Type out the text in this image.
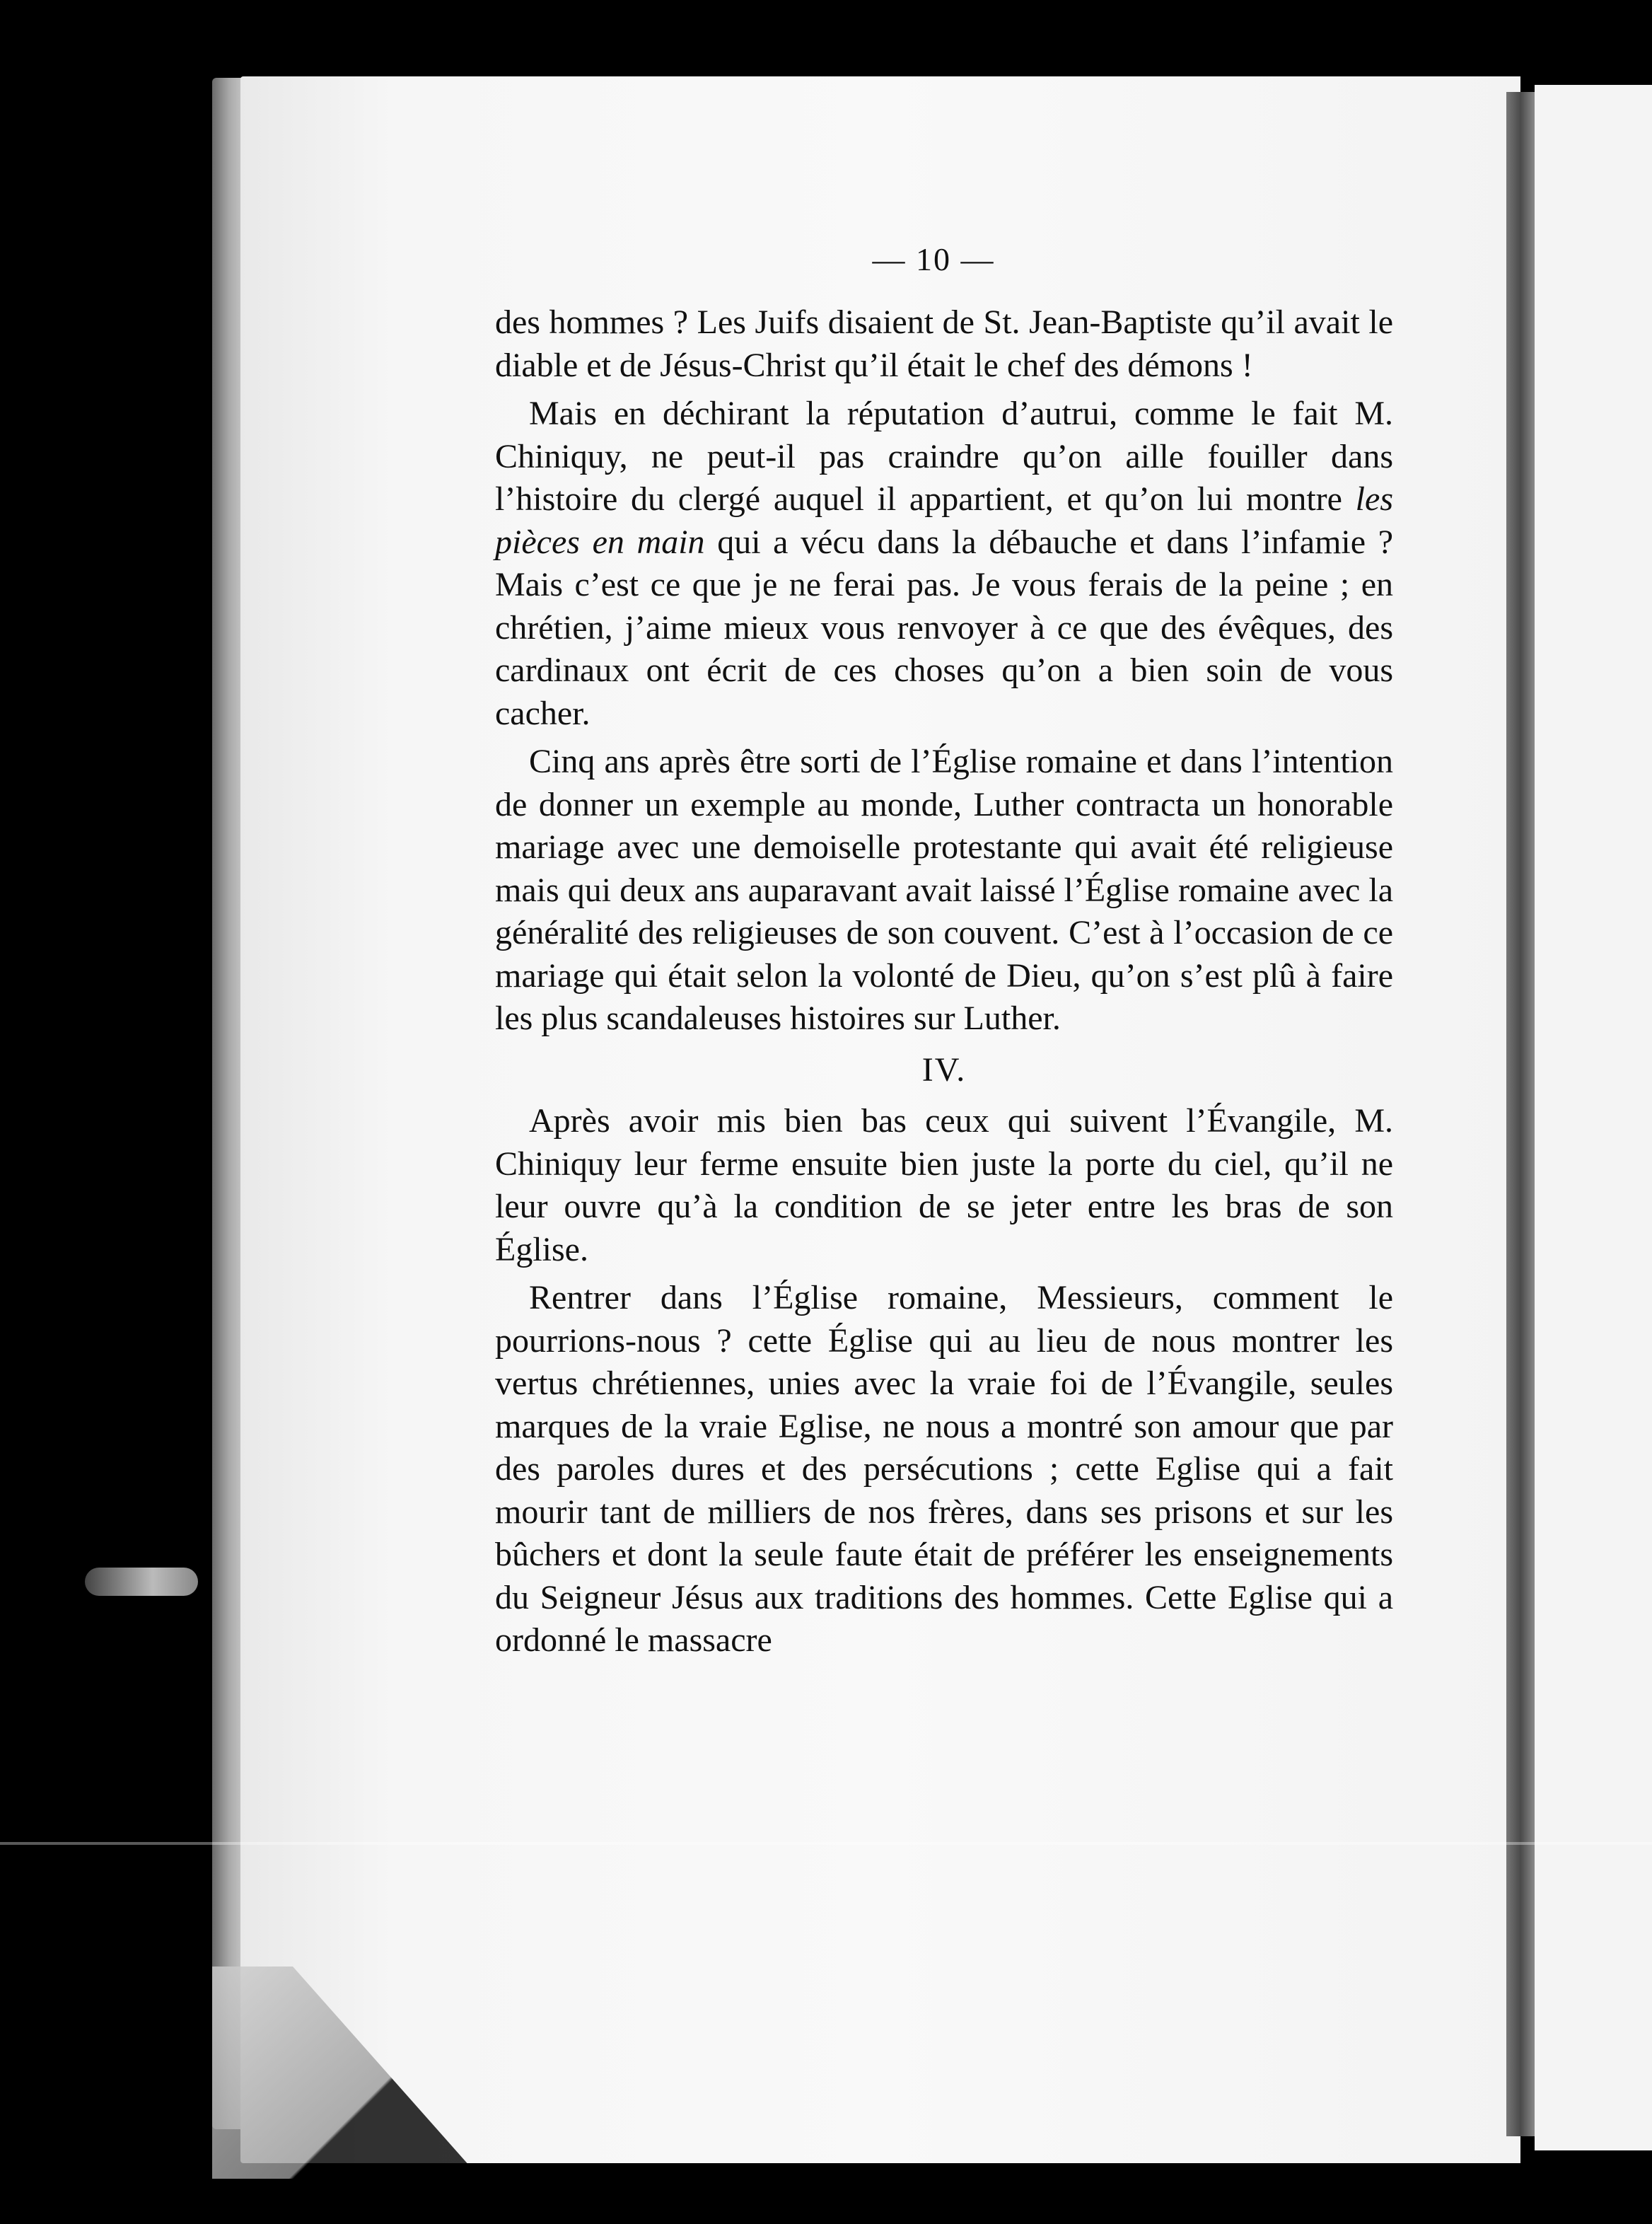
— 10 —

des hommes ? Les Juifs disaient de St. Jean-Baptiste qu’il avait le diable et de Jésus-Christ qu’il était le chef des démons !

Mais en déchirant la réputation d’autrui, comme le fait M. Chiniquy, ne peut-il pas craindre qu’on aille fouiller dans l’histoire du clergé auquel il appartient, et qu’on lui montre les pièces en main qui a vécu dans la débauche et dans l’infamie ? Mais c’est ce que je ne ferai pas. Je vous ferais de la peine ; en chrétien, j’aime mieux vous renvoyer à ce que des évêques, des cardinaux ont écrit de ces choses qu’on a bien soin de vous cacher.

Cinq ans après être sorti de l’Église romaine et dans l’intention de donner un exemple au monde, Luther contracta un honorable mariage avec une demoiselle protestante qui avait été religieuse mais qui deux ans auparavant avait laissé l’Église romaine avec la généralité des religieuses de son couvent. C’est à l’occasion de ce mariage qui était selon la volonté de Dieu, qu’on s’est plû à faire les plus scandaleuses histoires sur Luther.

IV.

Après avoir mis bien bas ceux qui suivent l’Évangile, M. Chiniquy leur ferme ensuite bien juste la porte du ciel, qu’il ne leur ouvre qu’à la condition de se jeter entre les bras de son Église.

Rentrer dans l’Église romaine, Messieurs, comment le pourrions-nous ? cette Église qui au lieu de nous montrer les vertus chrétiennes, unies avec la vraie foi de l’Évangile, seules marques de la vraie Eglise, ne nous a montré son amour que par des paroles dures et des persécutions ; cette Eglise qui a fait mourir tant de milliers de nos frères, dans ses prisons et sur les bûchers et dont la seule faute était de préférer les enseignements du Seigneur Jésus aux traditions des hommes. Cette Eglise qui a ordonné le massacre
